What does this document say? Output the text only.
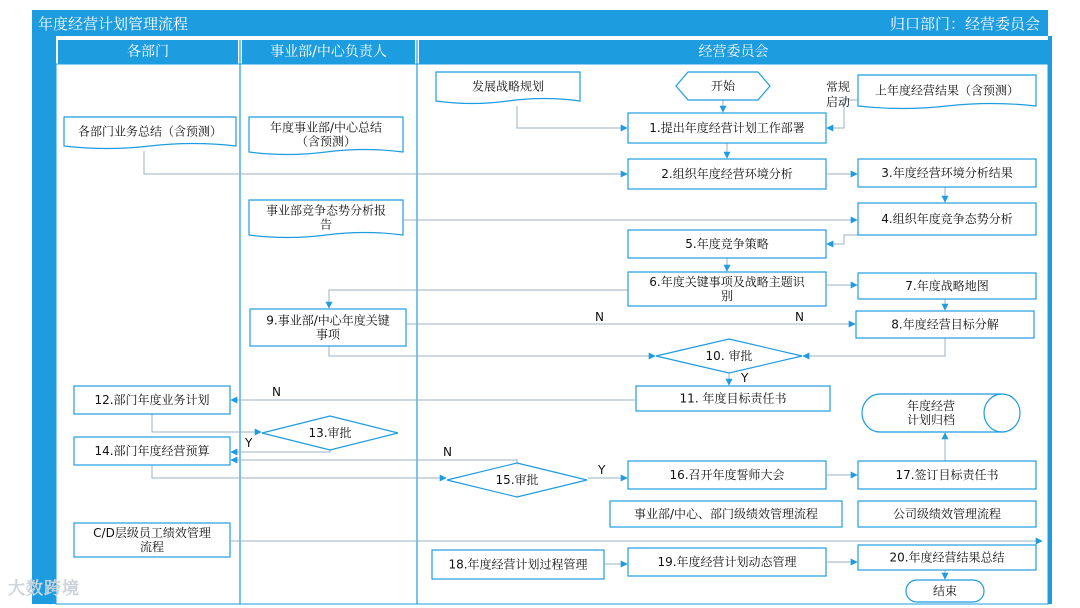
年度经营计划管理流程	归口部门：经营委员会
各部门	事业部/中心负责人	经营委员会
发展战略规划	开始	上年度经营结果（含预测）
1.提出年度经营计划工作部署
各部门业务总结（含预测）	年度事业部/中心总结（含预测）
2.组织年度经营环境分析	3.年度经营环境分析结果
事业部竞争态势分析报告	4.组织年度竞争态势分析
5.年度竞争策略
6.年度关键事项及战略主题识别
7.年度战略地图
9.事业部/中心年度关键事项
8.年度经营目标分解
10. 审批
12.部门年度业务计划	11. 年度目标责任书
年度经营计划归档
13.审批
14.部门年度经营预算
15.审批	16.召开年度誓师大会	17.签订目标责任书
事业部/中心、部门级绩效管理流程	公司级绩效管理流程
C/D层级员工绩效管理流程
18.年度经营计划过程管理	19.年度经营计划动态管理	20.年度经营结果总结
结束
常规启动
N	N
Y
N
Y
N
Y
大数跨境
